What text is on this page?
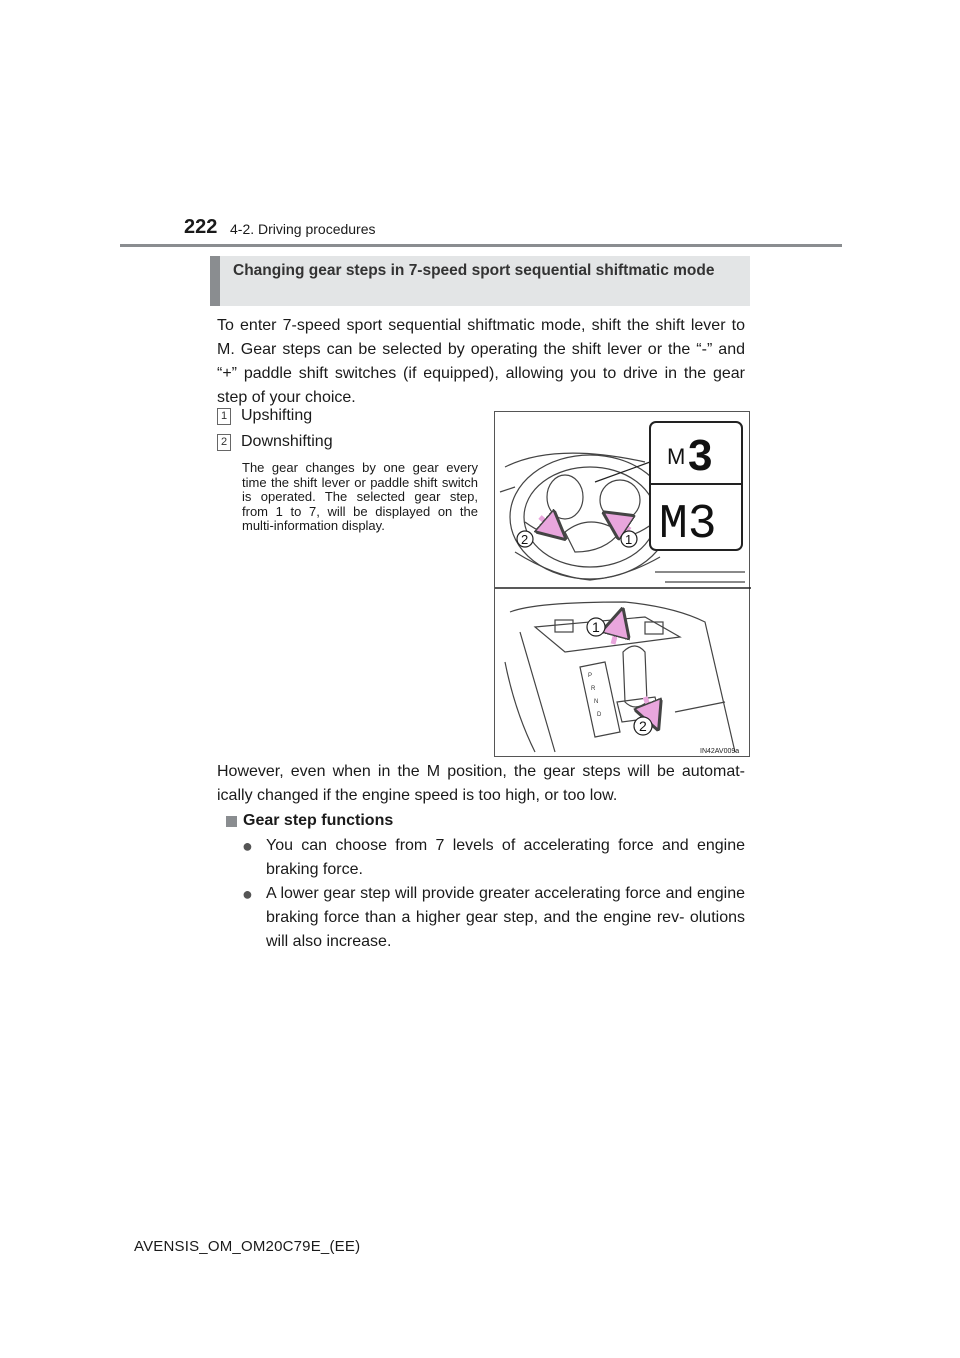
222 4-2. Driving procedures
Changing gear steps in 7-speed sport sequential shiftmatic mode
To enter 7-speed sport sequential shiftmatic mode, shift the shift lever to M. Gear steps can be selected by operating the shift lever or the “-” and “+” paddle shift switches (if equipped), allowing you to drive in the gear step of your choice.
1 Upshifting
2 Downshifting
The gear changes by one gear every time the shift lever or paddle shift switch is operated. The selected gear step, from 1 to 7, will be displayed on the multi-information display.
M 3
M3
2	1
P
R
N
D
1
2
IN42AV009a
However, even when in the M position, the gear steps will be automat- ically changed if the engine speed is too high, or too low.
Gear step functions
● You can choose from 7 levels of accelerating force and engine braking force.
● A lower gear step will provide greater accelerating force and engine braking force than a higher gear step, and the engine rev- olutions will also increase.
AVENSIS_OM_OM20C79E_(EE)
